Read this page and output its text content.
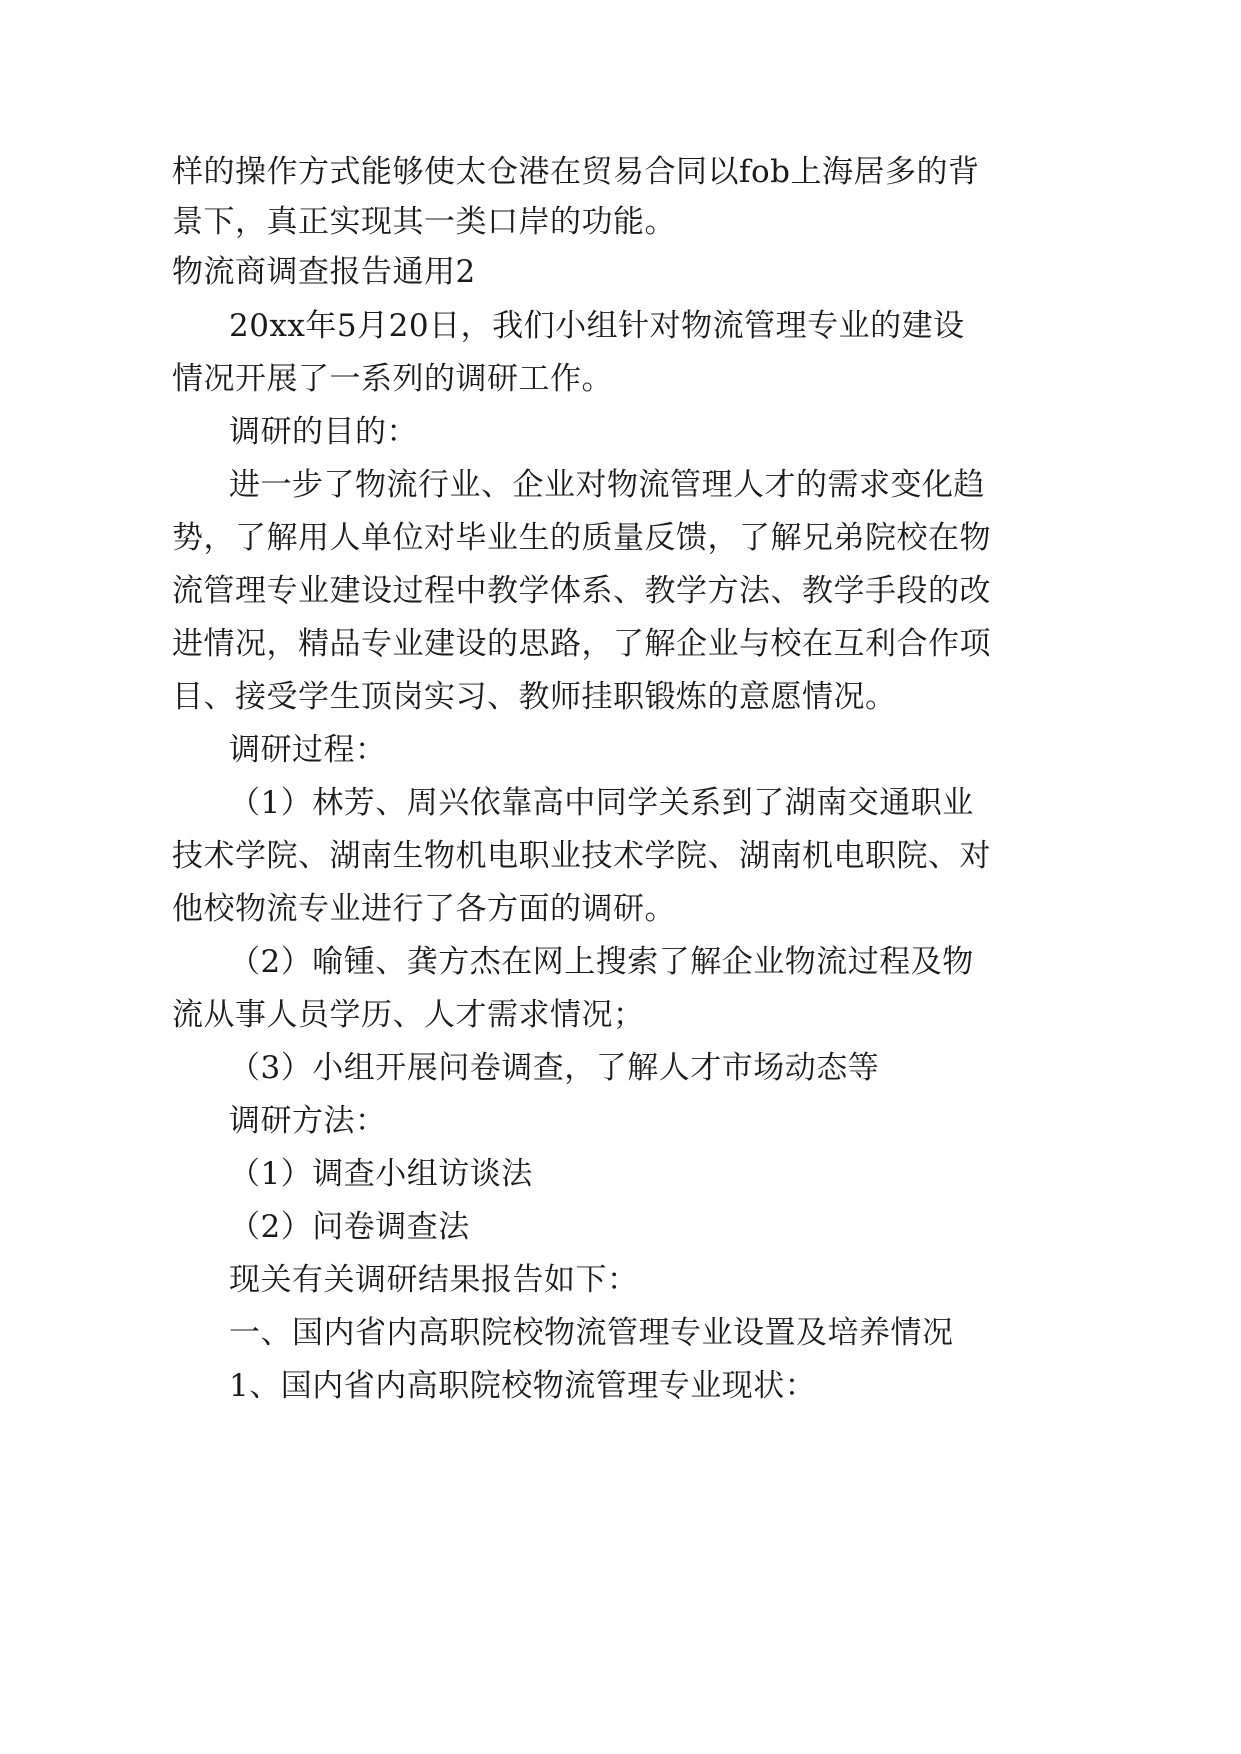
样 的 操 作 方 式 能 够 使 太 仓 港 在 贸 易 合 同 以 fob 上 海 居 多 的 背
景下，真正实现其一类口岸的功能。
物流商调查报告通用2
20xx 年 5 月 20 日 ， 我 们 小 组 针 对 物 流 管 理 专 业 的 建 设
情况开展了一系列的调研工作。
调研的目的：
进 一 步 了 物 流 行 业 、 企 业 对 物 流 管 理 人 才 的 需 求 变 化 趋
势 ， 了 解 用 人 单 位 对 毕 业 生 的 质 量 反 馈 ， 了 解 兄 弟 院 校 在 物
流 管 理 专 业 建 设 过 程 中 教 学 体 系 、 教 学 方 法 、 教 学 手 段 的 改
进 情 况 ， 精 品 专 业 建 设 的 思 路 ， 了 解 企 业 与 校 在 互 利 合 作 项
目、接受学生顶岗实习、教师挂职锻炼的意愿情况。
调研过程：
（ 1 ） 林 芳 、 周 兴 依 靠 高 中 同 学 关 系 到 了 湖 南 交 通 职 业
技 术 学 院 、 湖 南 生 物 机 电 职 业 技 术 学 院 、 湖 南 机 电 职 院 、 对
他校物流专业进行了各方面的调研。
（ 2 ） 喻 锺 、 龚 方 杰 在 网 上 搜 索 了 解 企 业 物 流 过 程 及 物
流从事人员学历、人才需求情况；
（3）小组开展问卷调查，了解人才市场动态等
调研方法：
（1）调查小组访谈法
（2）问卷调查法
现关有关调研结果报告如下：
一、国内省内高职院校物流管理专业设置及培养情况
1、国内省内高职院校物流管理专业现状：
